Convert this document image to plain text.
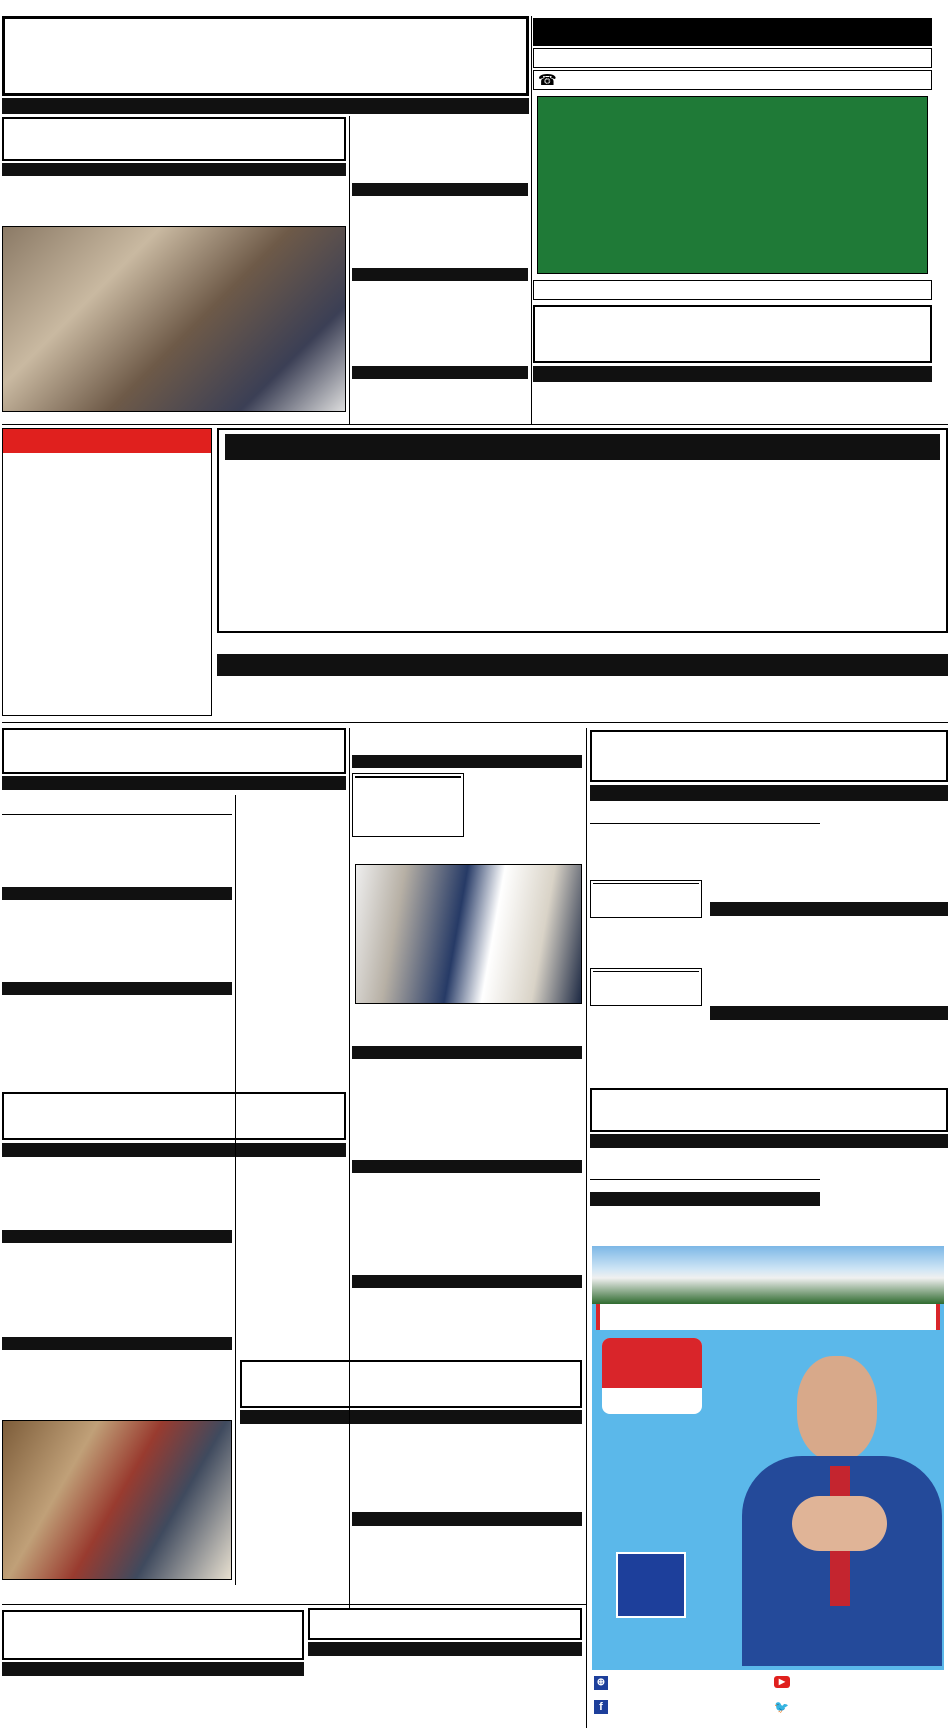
☎
⊕	▶
f	🐦
